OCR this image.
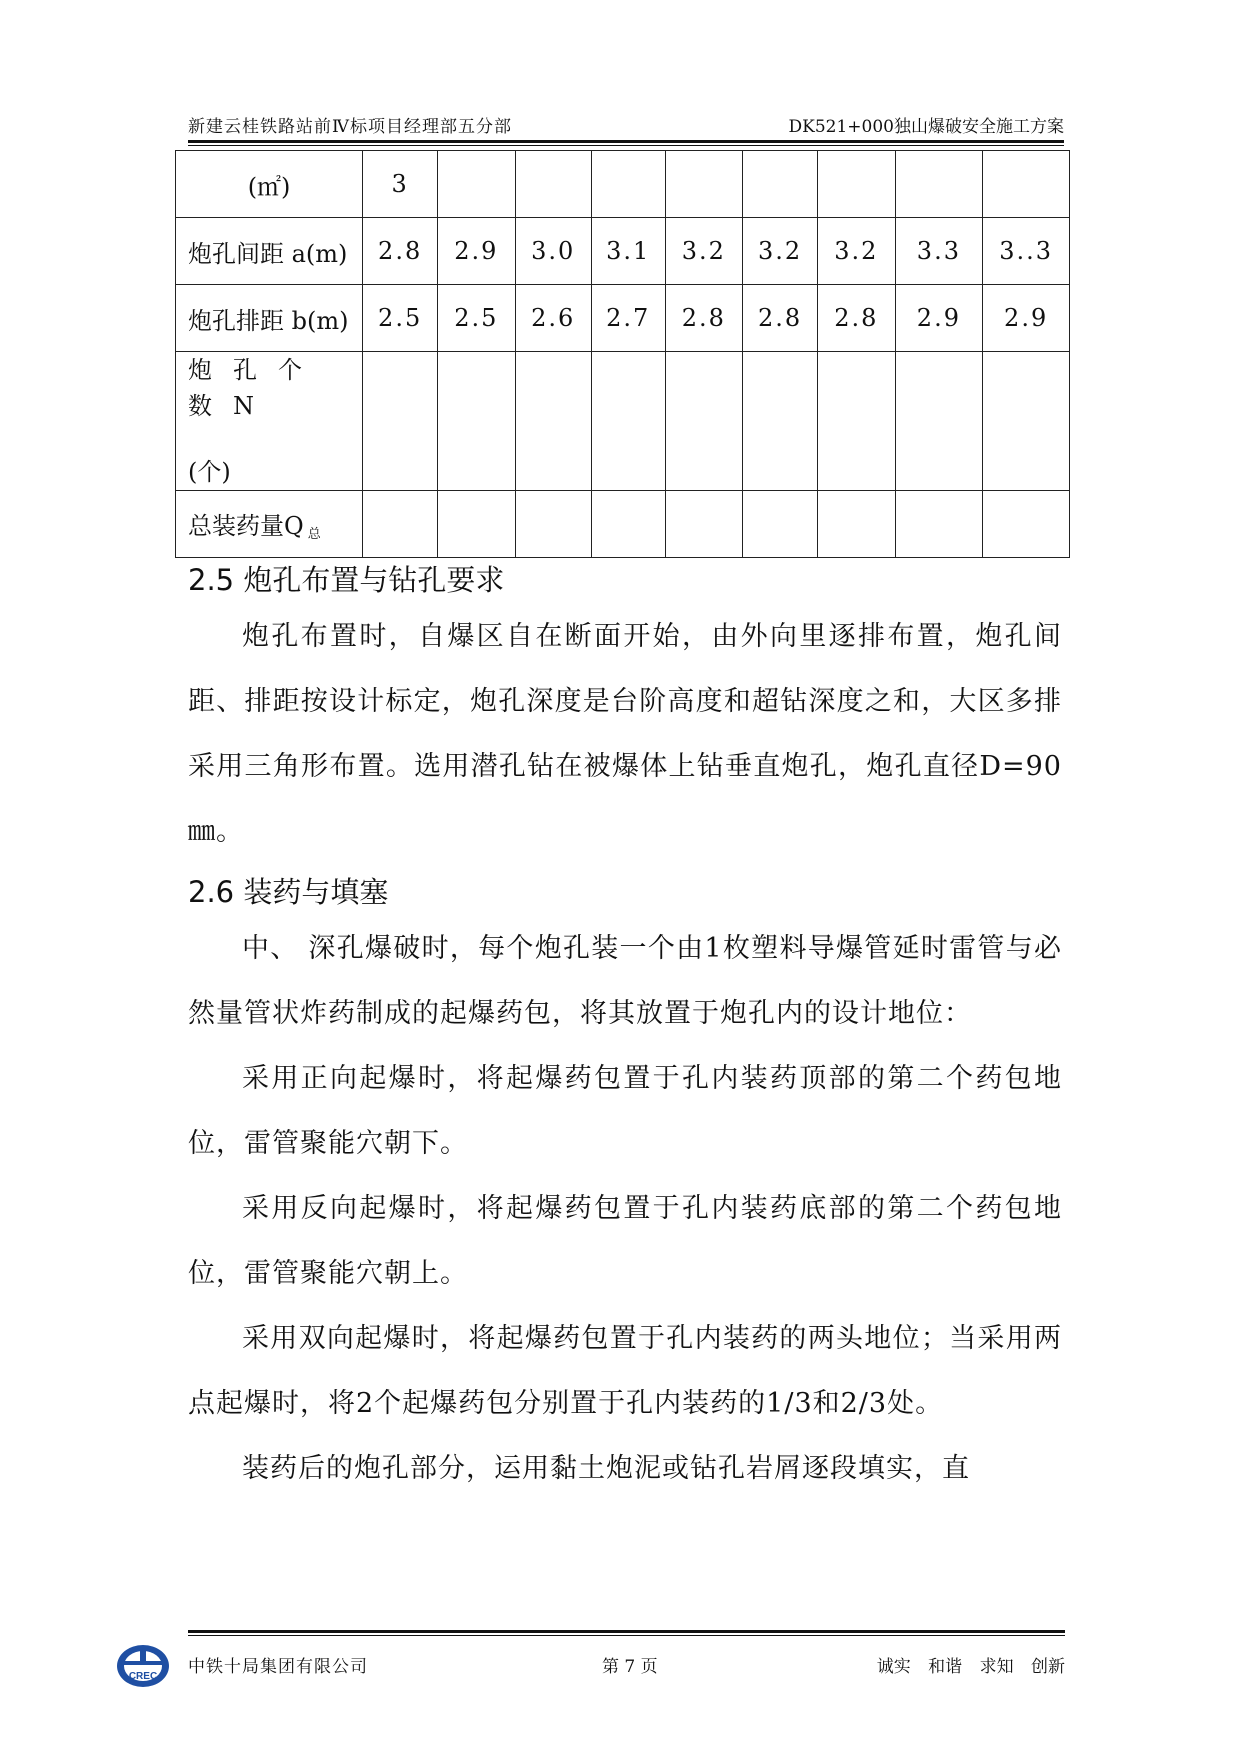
新建云桂铁路站前Ⅳ标项目经理部五分部	DK521+000独山爆破安全施工方案
(㎡)	3								
炮孔间距 a(m)	2.8	2.9	3.0	3.1	3.2	3.2	3.2	3.3	3..3
炮孔排距 b(m)	2.5	2.5	2.6	2.7	2.8	2.8	2.8	2.9	2.9

炮孔个数N
(个)									

总装药量Q $_总$									
2.5 炮孔布置与钻孔要求

炮孔布置时，自爆区自在断面开始，由外向里逐排布置，炮孔间距、排距按设计标定，炮孔深度是台阶高度和超钻深度之和，大区多排采用三角形布置。选用潜孔钻在被爆体上钻垂直炮孔，炮孔直径D=90㎜。

2.6 装药与填塞

中、 深孔爆破时，每个炮孔装一个由1枚塑料导爆管延时雷管与必然量管状炸药制成的起爆药包，将其放置于炮孔内的设计地位：

采用正向起爆时，将起爆药包置于孔内装药顶部的第二个药包地位，雷管聚能穴朝下。

采用反向起爆时，将起爆药包置于孔内装药底部的第二个药包地位，雷管聚能穴朝上。

采用双向起爆时，将起爆药包置于孔内装药的两头地位；当采用两点起爆时，将2个起爆药包分别置于孔内装药的1/3和2/3处。

装药后的炮孔部分，运用黏土炮泥或钻孔岩屑逐段填实，直

CREC 中铁十局集团有限公司	第 7 页	诚实 和谐 求知 创新
